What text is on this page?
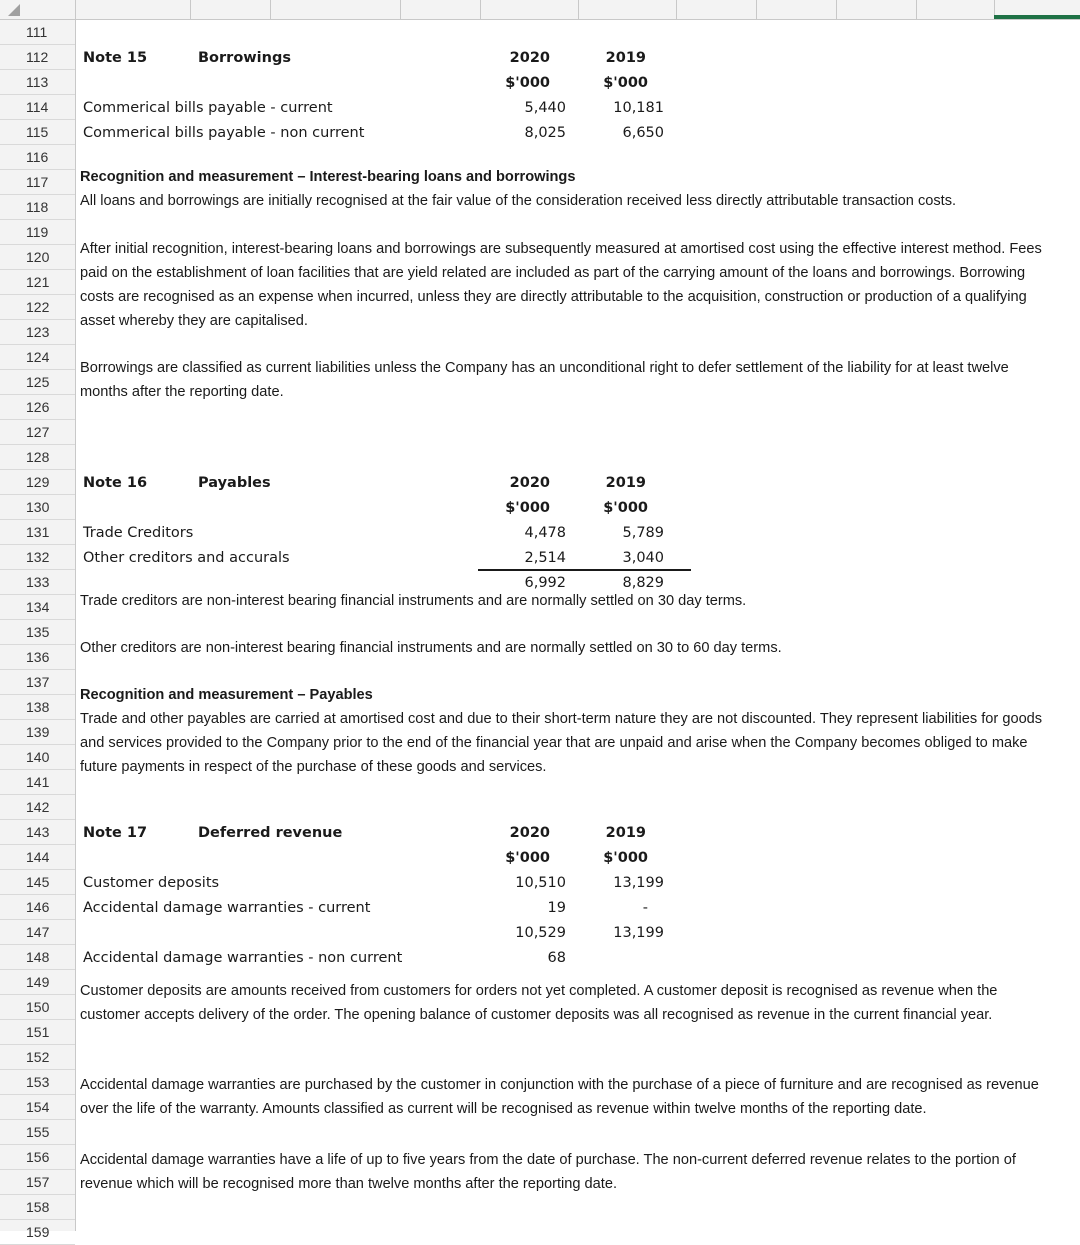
111
112
113
114
115
116
117
118
119
120
121
122
123
124
125
126
127
128
129
130
131
132
133
134
135
136
137
138
139
140
141
142
143
144
145
146
147
148
149
150
151
152
153
154
155
156
157
158
159
Note 15	Borrowings	2020	2019
$'000	$'000
Commerical bills payable - current	5,440	10,181
Commerical bills payable - non current	8,025	6,650
Recognition and measurement – Interest-bearing loans and borrowings
All loans and borrowings are initially recognised at the fair value of the consideration received less directly attributable transaction costs.
After initial recognition, interest-bearing loans and borrowings are subsequently measured at amortised cost using the effective interest method. Fees paid on the establishment of loan facilities that are yield related are included as part of the carrying amount of the loans and borrowings. Borrowing costs are recognised as an expense when incurred, unless they are directly attributable to the acquisition, construction or production of a qualifying asset whereby they are capitalised.
Borrowings are classified as current liabilities unless the Company has an unconditional right to defer settlement of the liability for at least twelve months after the reporting date.
Note 16	Payables	2020	2019
$'000	$'000
Trade Creditors	4,478	5,789
Other creditors and accurals	2,514	3,040
6,992	8,829
Trade creditors are non-interest bearing financial instruments and are normally settled on 30 day terms.
Other creditors are non-interest bearing financial instruments and are normally settled on 30 to 60 day terms.
Recognition and measurement – Payables
Trade and other payables are carried at amortised cost and due to their short-term nature they are not discounted. They represent liabilities for goods and services provided to the Company prior to the end of the financial year that are unpaid and arise when the Company becomes obliged to make future payments in respect of the purchase of these goods and services.
Note 17	Deferred revenue	2020	2019
$'000	$'000
Customer deposits	10,510	13,199
Accidental damage warranties - current	19	-
10,529	13,199
Accidental damage warranties - non current	68
Customer deposits are amounts received from customers for orders not yet completed. A customer deposit is recognised as revenue when the customer accepts delivery of the order. The opening balance of customer deposits was all recognised as revenue in the current financial year.
Accidental damage warranties are purchased by the customer in conjunction with the purchase of a piece of furniture and are recognised as revenue over the life of the warranty. Amounts classified as current will be recognised as revenue within twelve months of the reporting date.
Accidental damage warranties have a life of up to five years from the date of purchase. The non-current deferred revenue relates to the portion of revenue which will be recognised more than twelve months after the reporting date.
